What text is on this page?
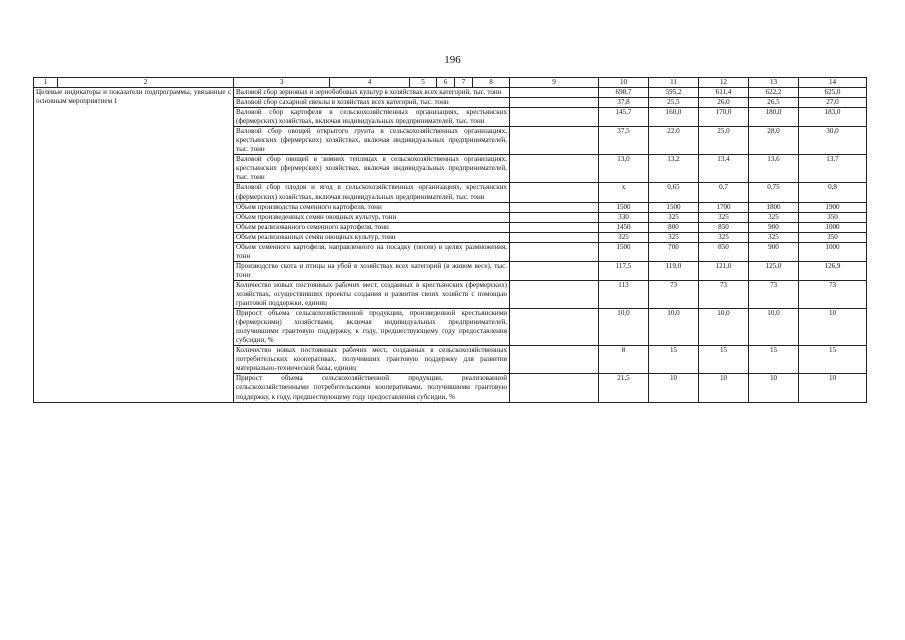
196
1	2	3	4	5	6	7	8	9	10	11	12	13	14
Целевые индикаторы и показатели подпрограммы, увязанные с основным мероприятием 1		Валовой сбор зерновых и зернобобовых культур в хозяйствах всех категорий, тыс. тонн							698,7	595,2	611,4	622,2	625,0
		Валовой сбор сахарной свеклы в хозяйствах всех категорий, тыс. тонн							37,8	25,5	26,0	26,5	27,0
		Валовой сбор картофеля в сельскохозяйственных организациях, крестьянских (фермерских) хозяйствах, включая индивидуальных предпринимателей, тыс. тонн							145,7	160,0	170,0	180,0	183,0
		Валовой сбор овощей открытого грунта в сельскохозяйственных организациях, крестьянских (фермерских) хозяйствах, включая индивидуальных предпринимателей, тыс. тонн							37,5	22,0	25,0	28,0	30,0
		Валовой сбор овощей в зимних теплицах в сельскохозяйственных организациях, крестьянских (фермерских) хозяйствах, включая индивидуальных предпринимателей, тыс. тонн							13,0	13,2	13,4	13,6	13,7
		Валовой сбор плодов и ягод в сельскохозяйственных организациях, крестьянских (фермерских) хозяйствах, включая индивидуальных предпринимателей, тыс. тонн							х	0,65	0,7	0,75	0,8
		Объем производства семенного картофеля, тонн							1500	1500	1700	1800	1900
		Объем произведенных семян овощных культур, тонн							330	325	325	325	350
		Объем реализованного семенного картофеля, тонн							1450	800	850	900	1000
		Объем реализованных семян овощных культур, тонн							325	325	325	325	350
		Объем семенного картофеля, направленного на посадку (посев) в целях размножения, тонн							1500	700	850	900	1000
		Производство скота и птицы на убой в хозяйствах всех категорий (в живом весе), тыс. тонн							117,5	119,0	121,0	125,0	126,9
		Количество новых постоянных рабочих мест, созданных в крестьянских (фермерских) хозяйствах, осуществивших проекты создания и развития своих хозяйств с помощью грантовой поддержки, единиц							113	73	73	73	73
		Прирост объема сельскохозяйственной продукции, произведенной крестьянскими (фермерскими) хозяйствами, включая индивидуальных предпринимателей, получившими грантовую поддержку, к году, предшествующему году предоставления субсидии, %							10,0	10,0	10,0	10,0	10
		Количество новых постоянных рабочих мест, созданных в сельскохозяйственных потребительских кооперативах, получивших грантовую поддержку для развития материально-технической базы, единиц							8	15	15	15	15
		Прирост объема сельскохозяйственной продукции, реализованной сельскохозяйственными потребительскими кооперативами, получившими грантовую поддержку, к году, предшествующему году предоставления субсидии, %							21,5	10	10	10	10
